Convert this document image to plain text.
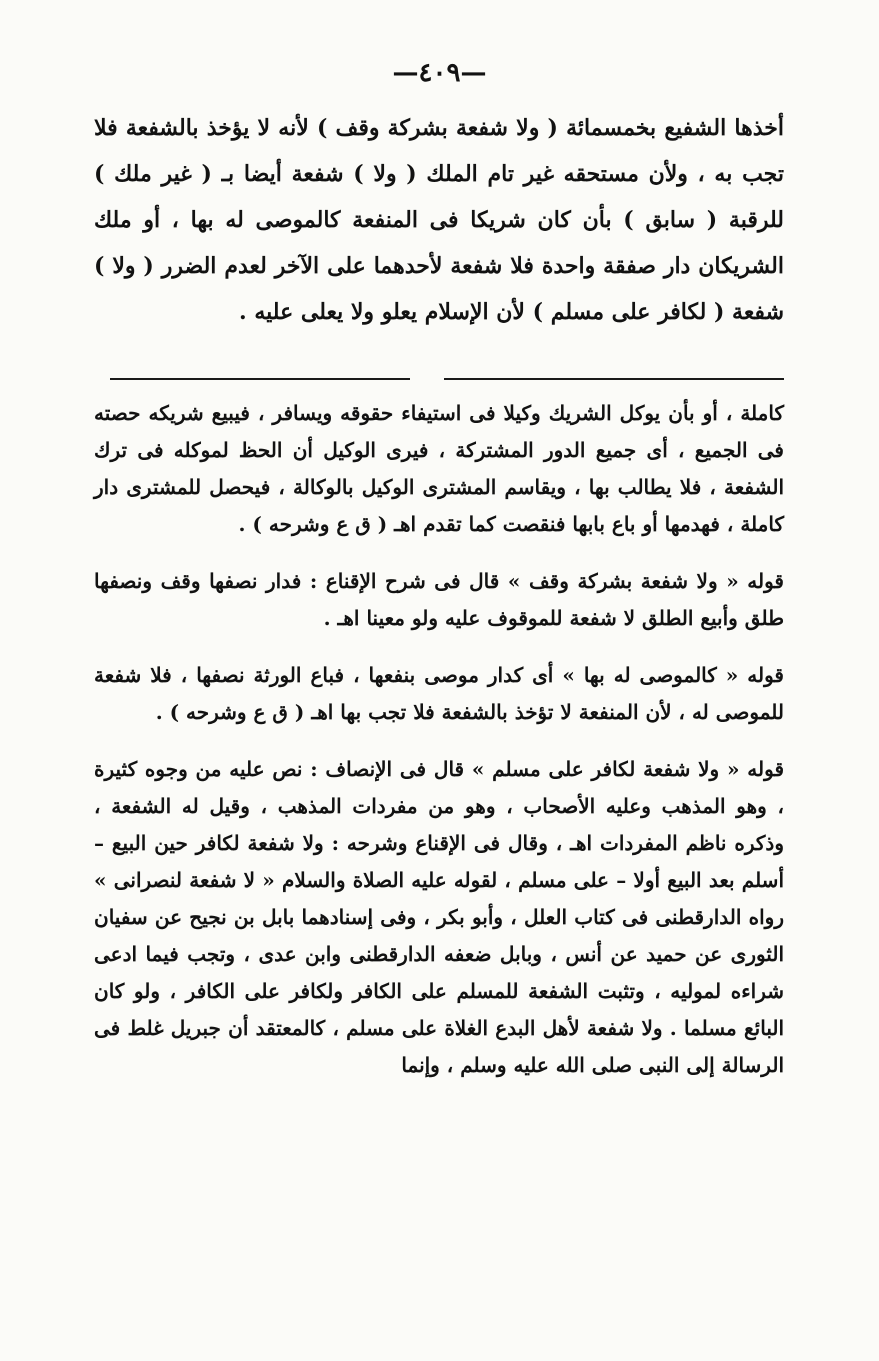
—٤٠٩—

أخذها الشفيع بخمسمائة ( ولا شفعة بشركة وقف ) لأنه لا يؤخذ بالشفعة فلا تجب به ، ولأن مستحقه غير تام الملك ( ولا ) شفعة أيضا بـ ( غير ملك ) للرقبة ( سابق ) بأن كان شريكا فى المنفعة كالموصى له بها ، أو ملك الشريكان دار صفقة واحدة فلا شفعة لأحدهما على الآخر لعدم الضرر ( ولا ) شفعة ( لكافر على مسلم ) لأن الإسلام يعلو ولا يعلى عليه .

كاملة ، أو بأن يوكل الشريك وكيلا فى استيفاء حقوقه ويسافر ، فيبيع شريكه حصته فى الجميع ، أى جميع الدور المشتركة ، فيرى الوكيل أن الحظ لموكله فى ترك الشفعة ، فلا يطالب بها ، ويقاسم المشترى الوكيل بالوكالة ، فيحصل للمشترى دار كاملة ، فهدمها أو باع بابها فنقصت كما تقدم اهـ ( ق ع وشرحه ) .

قوله « ولا شفعة بشركة وقف » قال فى شرح الإقناع : فدار نصفها وقف ونصفها طلق وأبيع الطلق لا شفعة للموقوف عليه ولو معينا اهـ .

قوله « كالموصى له بها » أى كدار موصى بنفعها ، فباع الورثة نصفها ، فلا شفعة للموصى له ، لأن المنفعة لا تؤخذ بالشفعة فلا تجب بها اهـ ( ق ع وشرحه ) .

قوله « ولا شفعة لكافر على مسلم » قال فى الإنصاف : نص عليه من وجوه كثيرة ، وهو المذهب وعليه الأصحاب ، وهو من مفردات المذهب ، وقيل له الشفعة ، وذكره ناظم المفردات اهـ ، وقال فى الإقناع وشرحه : ولا شفعة لكافر حين البيع – أسلم بعد البيع أولا – على مسلم ، لقوله عليه الصلاة والسلام « لا شفعة لنصرانى » رواه الدارقطنى فى كتاب العلل ، وأبو بكر ، وفى إسنادهما بابل بن نجيح عن سفيان الثورى عن حميد عن أنس ، وبابل ضعفه الدارقطنى وابن عدى ، وتجب فيما ادعى شراءه لموليه ، وتثبت الشفعة للمسلم على الكافر ولكافر على الكافر ، ولو كان البائع مسلما . ولا شفعة لأهل البدع الغلاة على مسلم ، كالمعتقد أن جبريل غلط فى الرسالة إلى النبى صلى الله عليه وسلم ، وإنما
